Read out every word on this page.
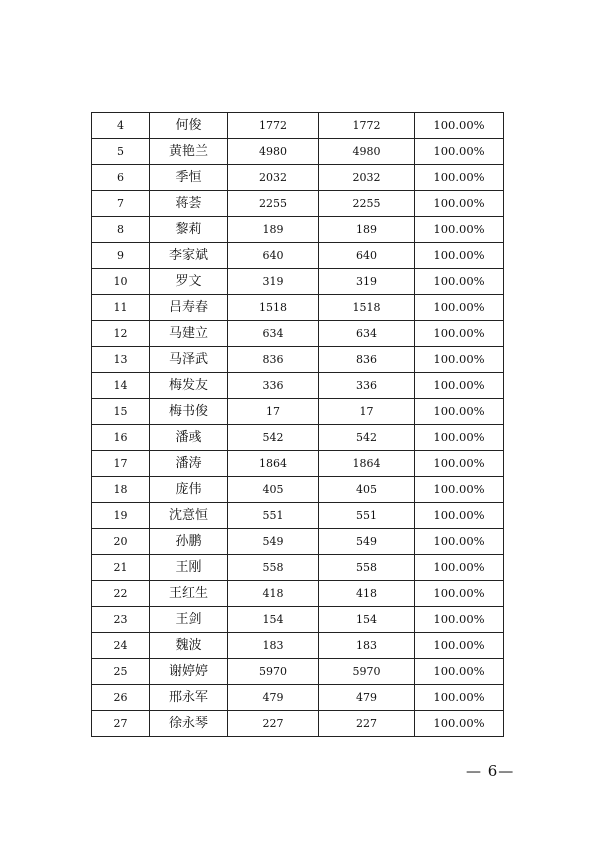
4	何俊	1772	1772	100.00%
5	黄艳兰	4980	4980	100.00%
6	季恒	2032	2032	100.00%
7	蒋荟	2255	2255	100.00%
8	黎莉	189	189	100.00%
9	李家斌	640	640	100.00%
10	罗文	319	319	100.00%
11	吕寿春	1518	1518	100.00%
12	马建立	634	634	100.00%
13	马泽武	836	836	100.00%
14	梅发友	336	336	100.00%
15	梅书俊	17	17	100.00%
16	潘彧	542	542	100.00%
17	潘涛	1864	1864	100.00%
18	庞伟	405	405	100.00%
19	沈意恒	551	551	100.00%
20	孙鹏	549	549	100.00%
21	王刚	558	558	100.00%
22	王红生	418	418	100.00%
23	王剑	154	154	100.00%
24	魏波	183	183	100.00%
25	谢婷婷	5970	5970	100.00%
26	邢永军	479	479	100.00%
27	徐永琴	227	227	100.00%
— 6—
